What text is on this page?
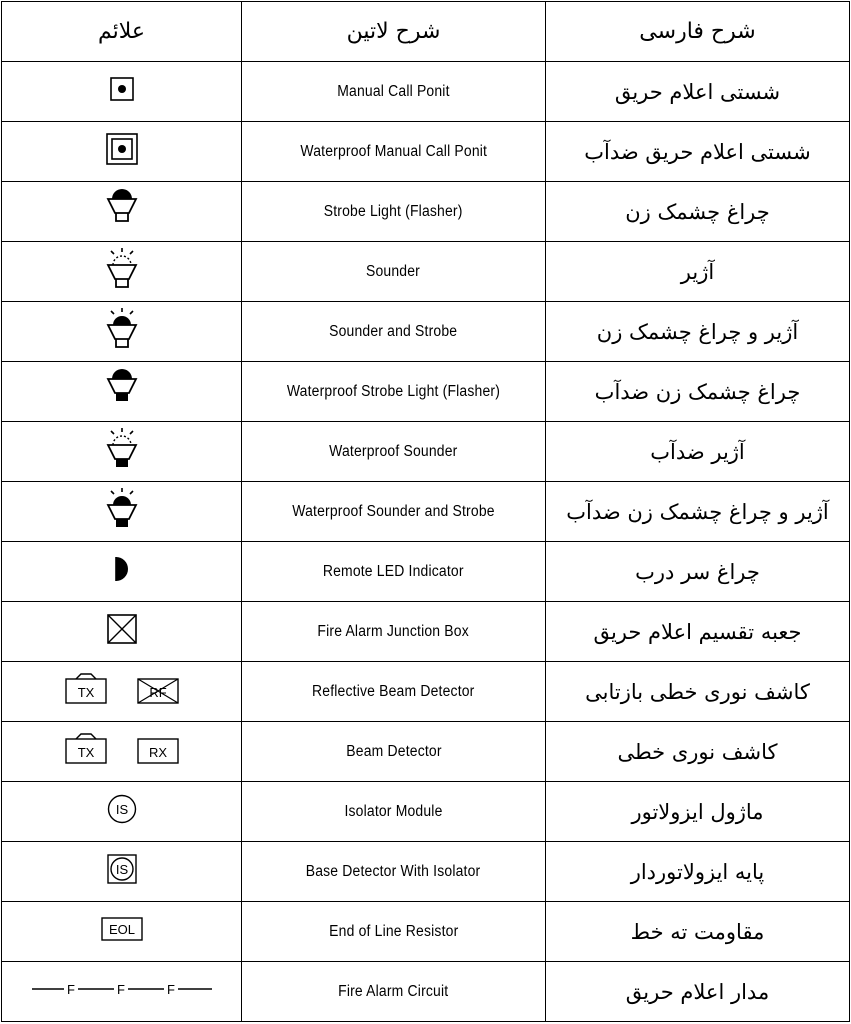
علائم	شرح لاتین	شرح فارسی

	Manual Call Ponit	شستی اعلام حریق

	Waterproof Manual Call Ponit	شستی اعلام حریق ضدآب

	Strobe Light (Flasher)	چراغ چشمک زن

	Sounder	آژیر

	Sounder and Strobe	آژیر و چراغ چشمک زن

	Waterproof Strobe Light (Flasher)	چراغ چشمک زن ضدآب

	Waterproof Sounder	آژیر ضدآب

	Waterproof Sounder and Strobe	آژیر و چراغ چشمک زن ضدآب

	Remote LED Indicator	چراغ سر درب

	Fire Alarm Junction Box	جعبه تقسیم اعلام حریق

TX RF	Reflective Beam Detector	کاشف نوری خطی بازتابی

TX RX	Beam Detector	کاشف نوری خطی

IS	Isolator Module	ماژول ایزولاتور

IS	Base Detector With Isolator	پایه ایزولاتوردار

EOL	End of Line Resistor	مقاومت ته خط

F F F	Fire Alarm Circuit	مدار اعلام حریق
